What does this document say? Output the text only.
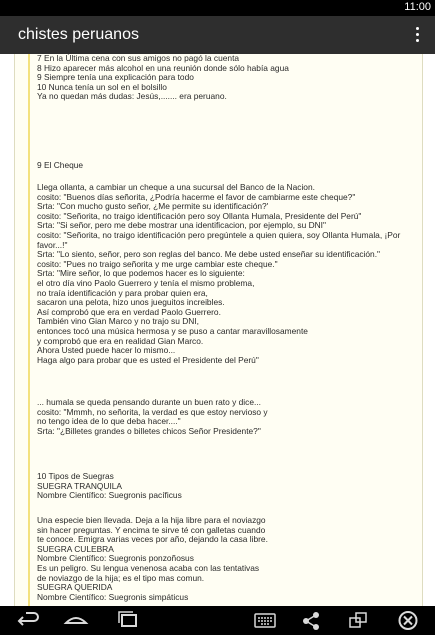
11:00
chistes peruanos
7 En la Última cena con sus amigos no pagó la cuenta
8 Hizo aparecer más alcohol en una reunión donde sólo había agua
9 Siempre tenía una explicación para todo
10 Nunca tenía un sol en el bolsillo
Ya no quedan más dudas: Jesús,....... era peruano.
9 El Cheque
Llega ollanta, a cambiar un cheque a una sucursal del Banco de la Nacion.
cosito: "Buenos días señorita, ¿Podría hacerme el favor de cambiarme este cheque?"
Srta: "Con mucho gusto señor, ¿Me permite su identificación?'
cosito: "Señorita, no traigo identificación pero soy Ollanta Humala, Presidente del Perú"
Srta: "Si señor, pero me debe mostrar una identificacion, por ejemplo, su DNI"
cosito: "Señorita, no traigo identificación pero pregúntele a quien quiera, soy Ollanta Humala, ¡Por
favor...!"
Srta: "Lo siento, señor, pero son reglas del banco. Me debe usted enseñar su identificación."
cosito: "Pues no traigo señorita y me urge cambiar este cheque."
Srta: "Mire señor, lo que podemos hacer es lo siguiente:
el otro día vino Paolo Guerrero y tenía el mismo problema,
no traía identificación y para probar quien era,
sacaron una pelota, hizo unos jueguitos increibles.
Así comprobó que era en verdad Paolo Guerrero.
También vino Gian Marco y no trajo su DNI,
entonces tocó una música hermosa y se puso a cantar maravillosamente
y comprobó que era en realidad Gian Marco.
Ahora Usted puede hacer lo mismo...
Haga algo para probar que es usted el Presidente del Perú"
... humala se queda pensando durante un buen rato y dice...
cosito: "Mmmh, no señorita, la verdad es que estoy nervioso y
no tengo idea de lo que deba hacer...."
Srta: "¿Billetes grandes o billetes chicos Señor Presidente?"
10 Tipos de Suegras
SUEGRA TRANQUILA
Nombre Científico: Suegronis pacíficus
Una especie bien llevada. Deja a la hija libre para el noviazgo
sin hacer preguntas. Y encima te sirve té con galletas cuando
te conoce. Emigra varias veces por año, dejando la casa libre.
SUEGRA CULEBRA
Nombre Científico: Suegronis ponzoñosus
Es un peligro. Su lengua venenosa acaba con las tentativas
de noviazgo de la hija; es el tipo mas comun.
SUEGRA QUERIDA
Nombre Científico: Suegronis simpáticus
